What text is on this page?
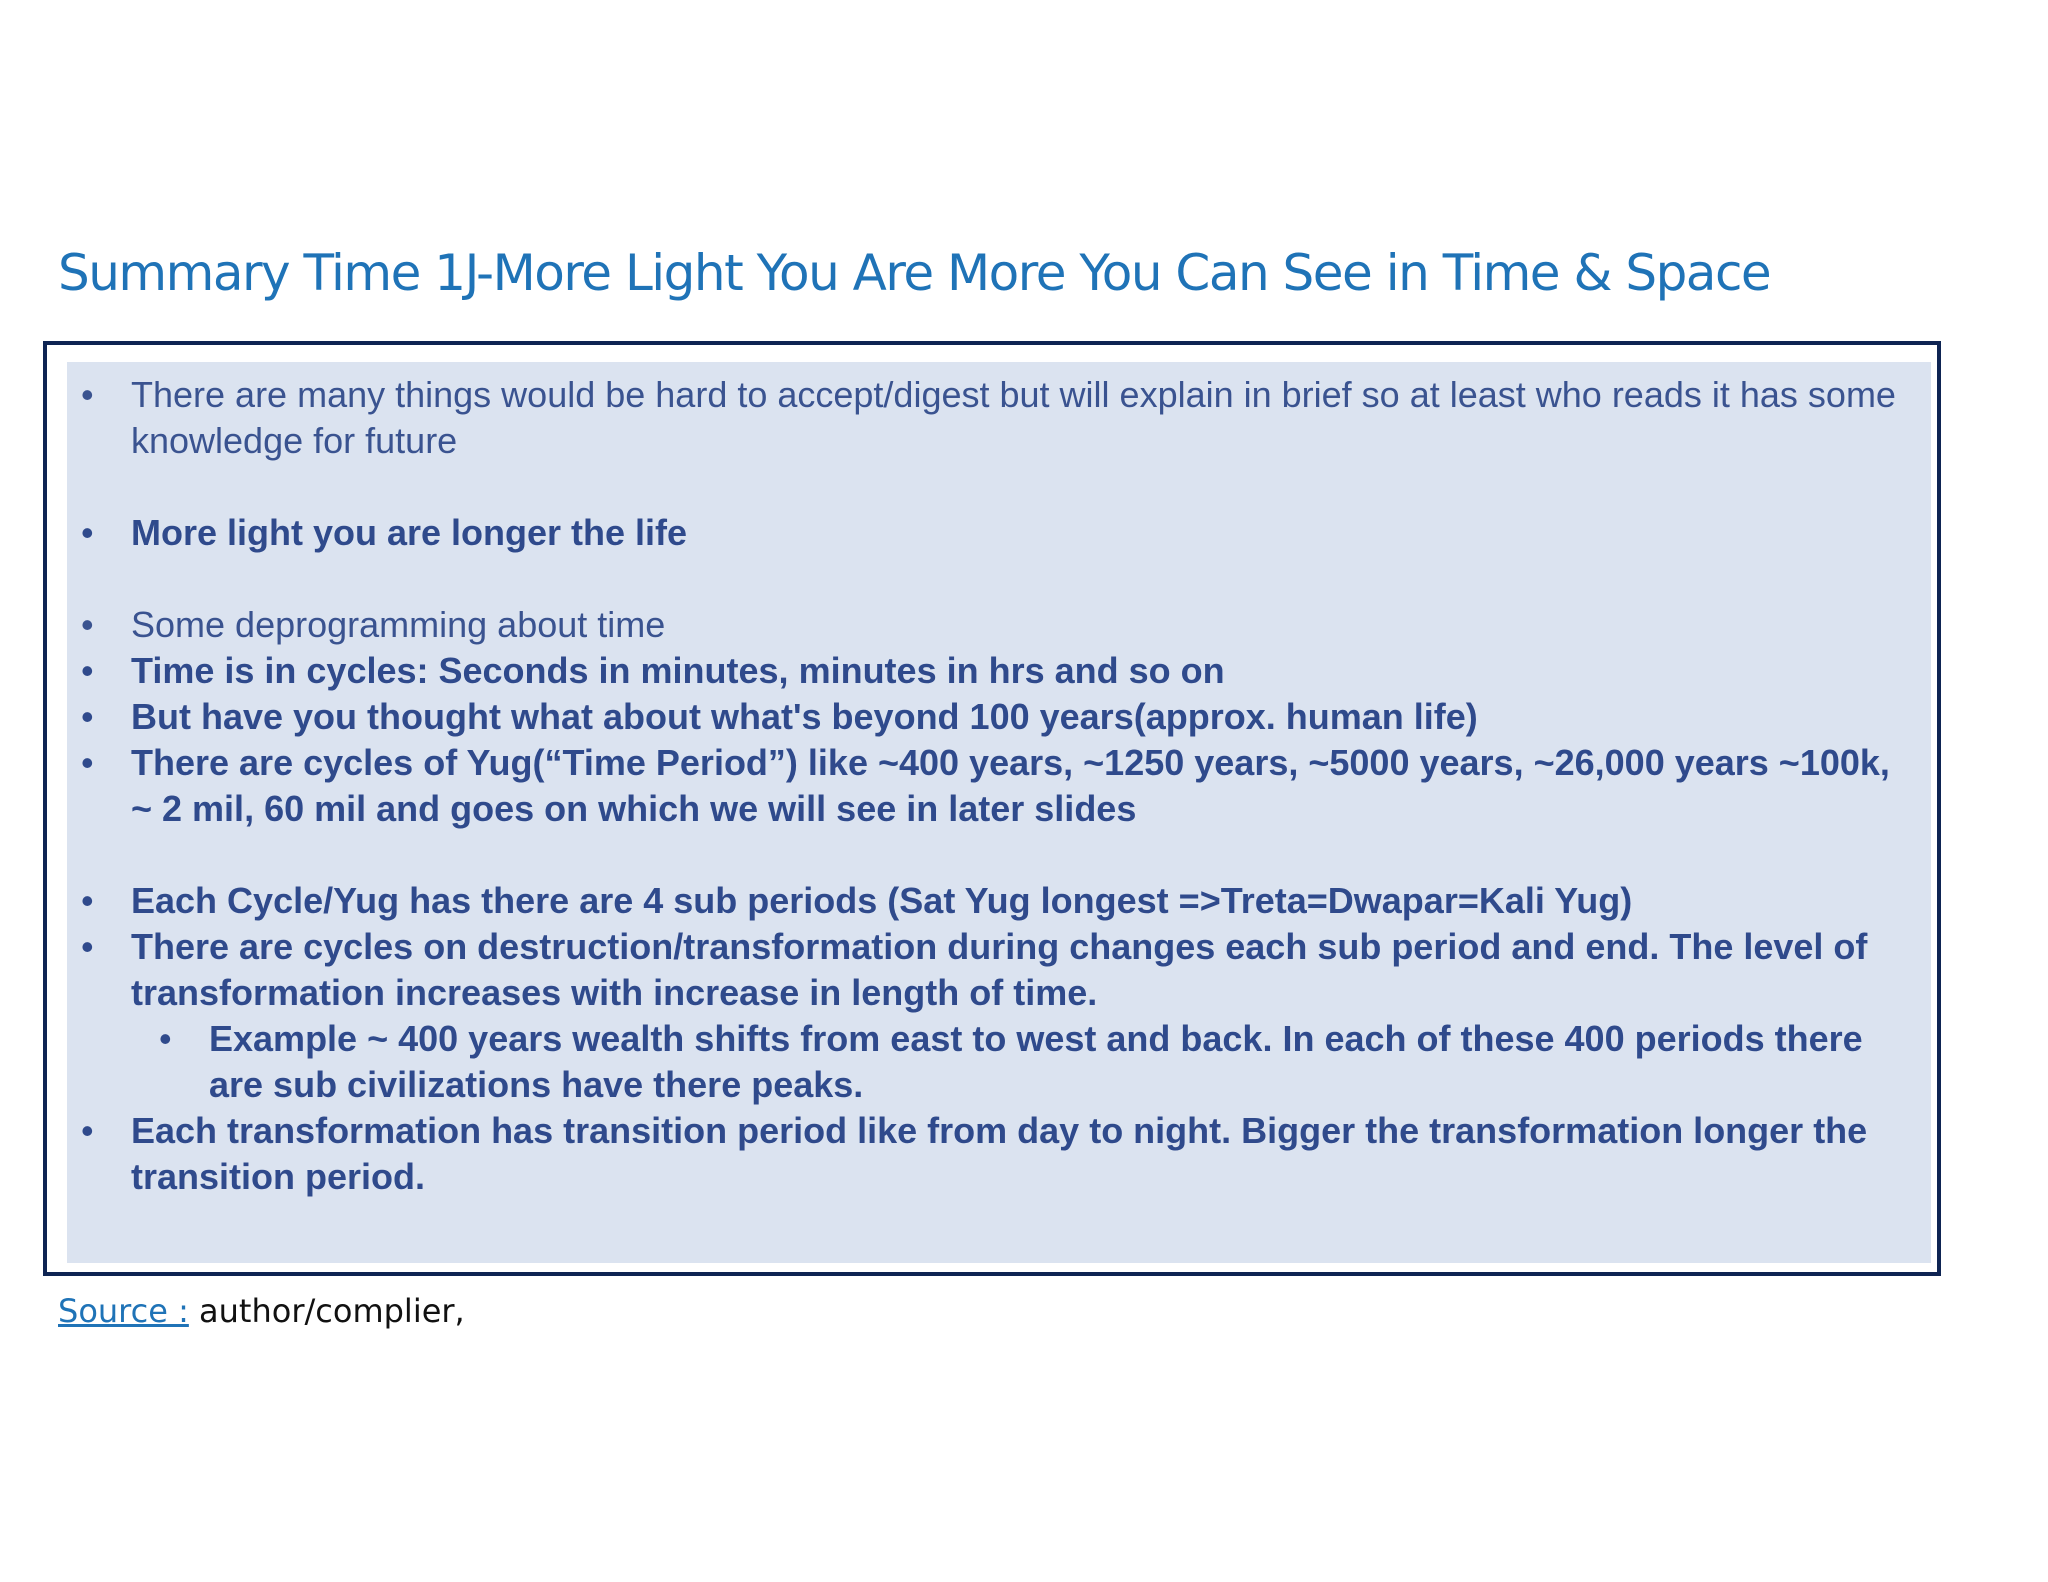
Summary Time 1J-More Light You Are More You Can See in Time & Space
• There are many things would be hard to accept/digest but will explain in brief so at least who reads it has some knowledge for future
• More light you are longer the life
• Some deprogramming about time
• Time is in cycles: Seconds in minutes, minutes in hrs and so on
• But have you thought what about what's beyond 100 years(approx. human life)
• There are cycles of Yug(“Time Period”) like ~400 years, ~1250 years, ~5000 years, ~26,000 years ~100k, ~ 2 mil, 60 mil and goes on which we will see in later slides
• Each Cycle/Yug has there are 4 sub periods (Sat Yug longest =>Treta=Dwapar=Kali Yug)
• There are cycles on destruction/transformation during changes each sub period and end. The level of transformation increases with increase in length of time.
• Example ~ 400 years wealth shifts from east to west and back. In each of these 400 periods there are sub civilizations have there peaks.
• Each transformation has transition period like from day to night. Bigger the transformation longer the transition period.
Source : author/complier,
